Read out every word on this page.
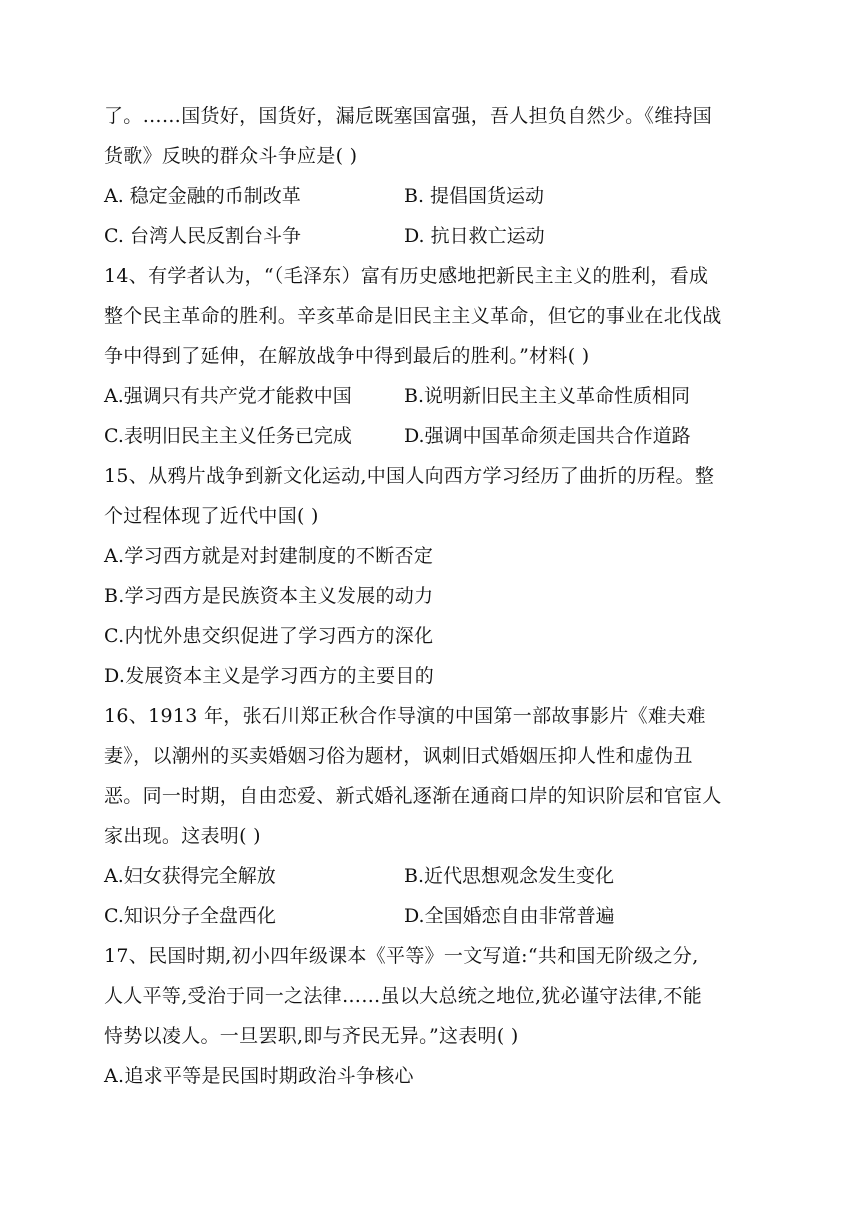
了。……国货好，国货好，漏卮既塞国富强，吾人担负自然少。《维持国
货歌》反映的群众斗争应是( )
A. 稳定金融的币制改革	B. 提倡国货运动
C. 台湾人民反割台斗争	D. 抗日救亡运动
14、有学者认为，“（毛泽东）富有历史感地把新民主主义的胜利，看成
整个民主革命的胜利。辛亥革命是旧民主主义革命，但它的事业在北伐战
争中得到了延伸，在解放战争中得到最后的胜利。”材料( )
A.强调只有共产党才能救中国	B.说明新旧民主主义革命性质相同
C.表明旧民主主义任务已完成	D.强调中国革命须走国共合作道路
15、从鸦片战争到新文化运动,中国人向西方学习经历了曲折的历程。整
个过程体现了近代中国( )
A.学习西方就是对封建制度的不断否定
B.学习西方是民族资本主义发展的动力
C.内忧外患交织促进了学习西方的深化
D.发展资本主义是学习西方的主要目的
16、1913 年，张石川郑正秋合作导演的中国第一部故事影片《难夫难
妻》，以潮州的买卖婚姻习俗为题材，讽刺旧式婚姻压抑人性和虚伪丑
恶。同一时期，自由恋爱、新式婚礼逐渐在通商口岸的知识阶层和官宦人
家出现。这表明( )
A.妇女获得完全解放	B.近代思想观念发生变化
C.知识分子全盘西化	D.全国婚恋自由非常普遍
17、民国时期,初小四年级课本《平等》一文写道:“共和国无阶级之分,
人人平等,受治于同一之法律……虽以大总统之地位,犹必谨守法律,不能
恃势以凌人。一旦罢职,即与齐民无异。”这表明( )
A.追求平等是民国时期政治斗争核心
